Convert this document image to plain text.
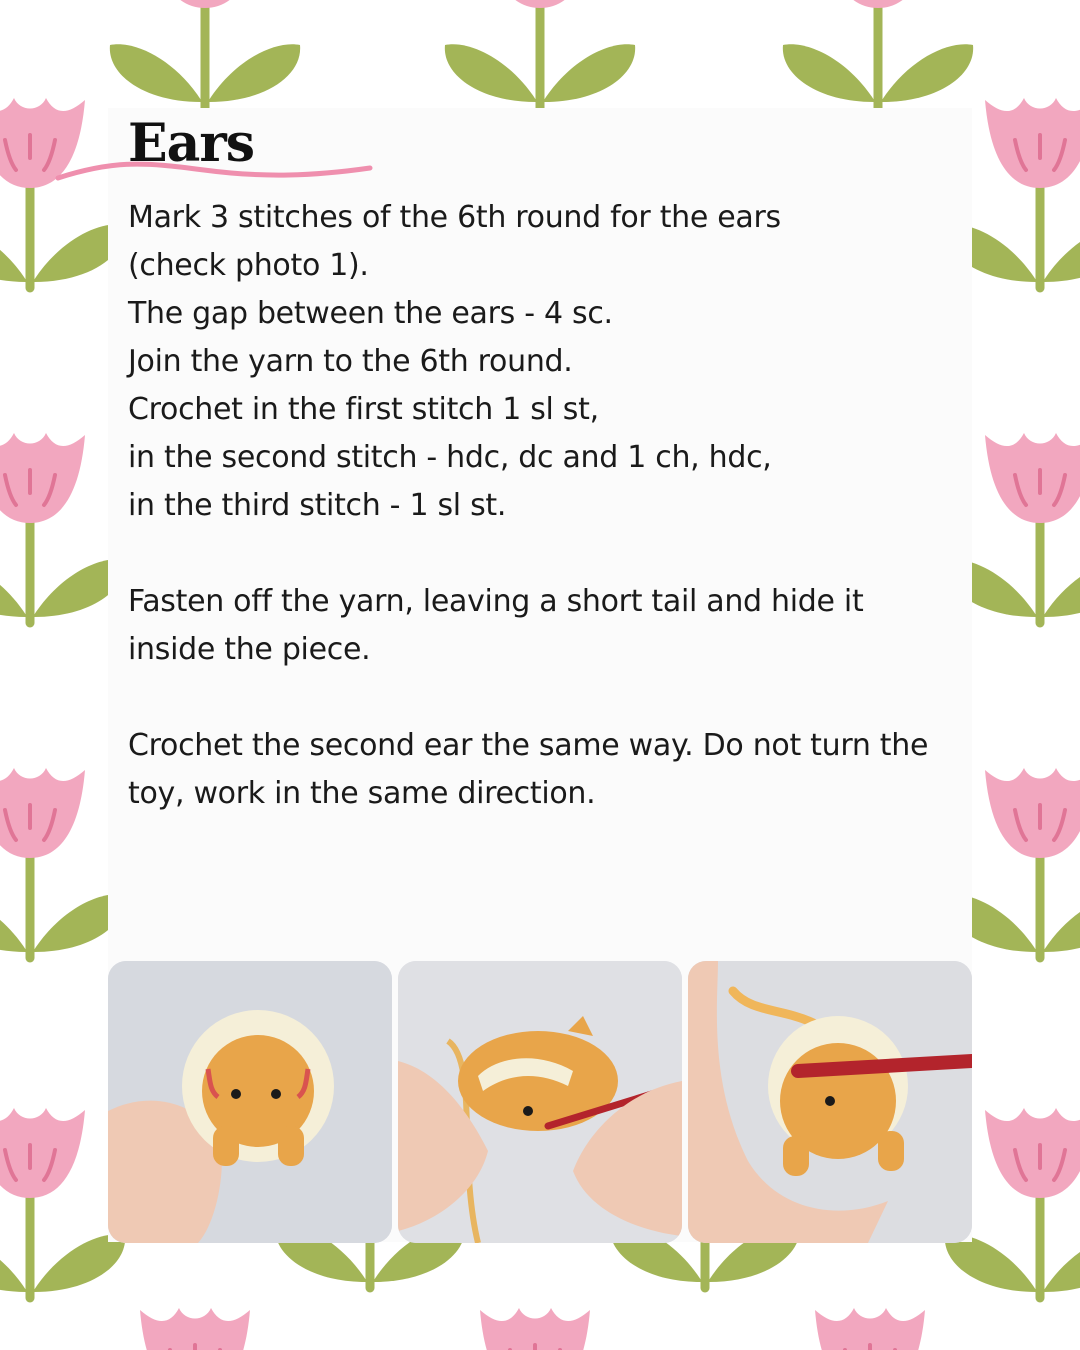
Ears

Mark 3 stitches of the 6th round for the ears
(check photo 1).
The gap between the ears - 4 sc.
Join the yarn to the 6th round.
Crochet in the first stitch 1 sl st,
in the second stitch - hdc, dc and 1 ch, hdc,
in the third stitch - 1 sl st.

Fasten off the yarn, leaving a short tail and hide it
inside the piece.

Crochet the second ear the same way. Do not turn the
toy, work in the same direction.
